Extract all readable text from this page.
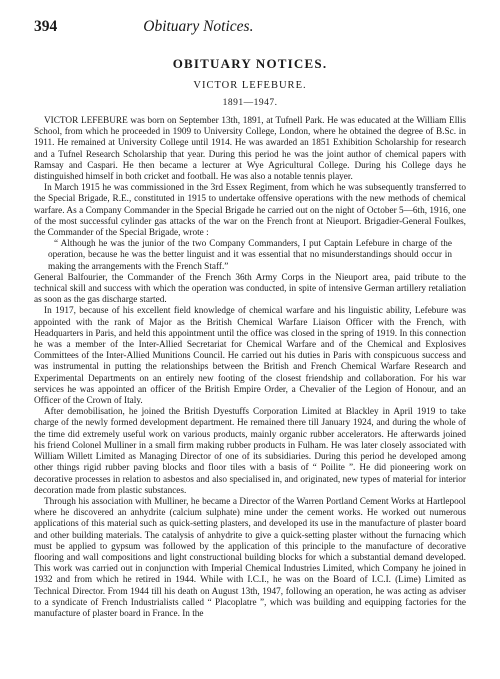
394	Obituary Notices.
OBITUARY NOTICES.
VICTOR LEFEBURE.
1891—1947.

VICTOR LEFEBURE was born on September 13th, 1891, at Tufnell Park. He was educated at the William Ellis School, from which he proceeded in 1909 to University College, London, where he obtained the degree of B.Sc. in 1911. He remained at University College until 1914. He was awarded an 1851 Exhibition Scholarship for research and a Tufnel Research Scholarship that year. During this period he was the joint author of chemical papers with Ramsay and Caspari. He then became a lecturer at Wye Agricultural College. During his College days he distinguished himself in both cricket and football. He was also a notable tennis player.

In March 1915 he was commissioned in the 3rd Essex Regiment, from which he was subsequently transferred to the Special Brigade, R.E., constituted in 1915 to undertake offensive operations with the new methods of chemical warfare. As a Company Commander in the Special Brigade he carried out on the night of October 5—6th, 1916, one of the most successful cylinder gas attacks of the war on the French front at Nieuport. Brigadier-General Foulkes, the Commander of the Special Brigade, wrote :

“ Although he was the junior of the two Company Commanders, I put Captain Lefebure in charge of the operation, because he was the better linguist and it was essential that no misunderstandings should occur in making the arrangements with the French Staff.”

General Balfourier, the Commander of the French 36th Army Corps in the Nieuport area, paid tribute to the technical skill and success with which the operation was conducted, in spite of intensive German artillery retaliation as soon as the gas discharge started.

In 1917, because of his excellent field knowledge of chemical warfare and his linguistic ability, Lefebure was appointed with the rank of Major as the British Chemical Warfare Liaison Officer with the French, with Headquarters in Paris, and held this appointment until the office was closed in the spring of 1919. In this connection he was a member of the Inter-Allied Secretariat for Chemical Warfare and of the Chemical and Explosives Committees of the Inter-Allied Munitions Council. He carried out his duties in Paris with conspicuous success and was instrumental in putting the relationships between the British and French Chemical Warfare Research and Experimental Departments on an entirely new footing of the closest friendship and collaboration. For his war services he was appointed an officer of the British Empire Order, a Chevalier of the Legion of Honour, and an Officer of the Crown of Italy.

After demobilisation, he joined the British Dyestuffs Corporation Limited at Blackley in April 1919 to take charge of the newly formed development department. He remained there till January 1924, and during the whole of the time did extremely useful work on various products, mainly organic rubber accelerators. He afterwards joined his friend Colonel Mulliner in a small firm making rubber products in Fulham. He was later closely associated with William Willett Limited as Managing Director of one of its subsidiaries. During this period he developed among other things rigid rubber paving blocks and floor tiles with a basis of “ Poilite ”. He did pioneering work on decorative processes in relation to asbestos and also specialised in, and originated, new types of material for interior decoration made from plastic substances.

Through his association with Mulliner, he became a Director of the Warren Portland Cement Works at Hartlepool where he discovered an anhydrite (calcium sulphate) mine under the cement works. He worked out numerous applications of this material such as quick-setting plasters, and developed its use in the manufacture of plaster board and other building materials. The catalysis of anhydrite to give a quick-setting plaster without the furnacing which must be applied to gypsum was followed by the application of this principle to the manufacture of decorative flooring and wall compositions and light constructional building blocks for which a substantial demand developed. This work was carried out in conjunction with Imperial Chemical Industries Limited, which Company he joined in 1932 and from which he retired in 1944. While with I.C.I., he was on the Board of I.C.I. (Lime) Limited as Technical Director. From 1944 till his death on August 13th, 1947, following an operation, he was acting as adviser to a syndicate of French Industrialists called “ Placoplatre ”, which was building and equipping factories for the manufacture of plaster board in France. In the
